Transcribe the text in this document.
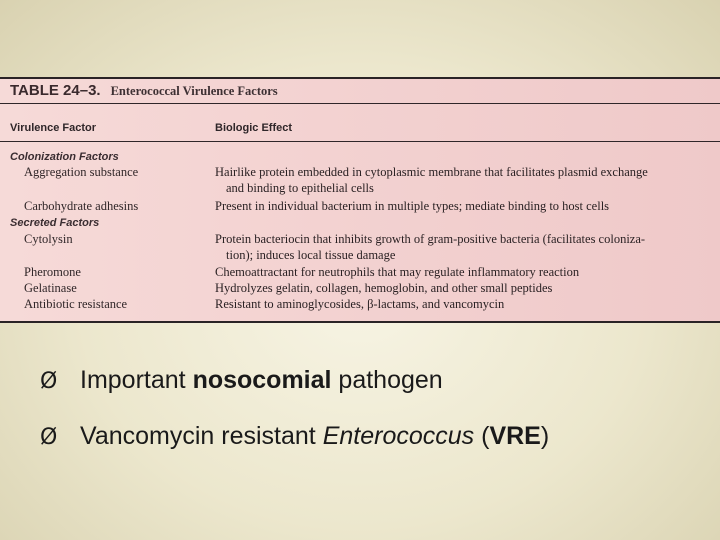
TABLE 24–3. Enterococcal Virulence Factors
Virulence Factor	Biologic Effect
Colonization Factors
Aggregation substance	Hairlike protein embedded in cytoplasmic membrane that facilitates plasmid exchange
and binding to epithelial cells
Carbohydrate adhesins	Present in individual bacterium in multiple types; mediate binding to host cells
Secreted Factors
Cytolysin	Protein bacteriocin that inhibits growth of gram-positive bacteria (facilitates coloniza-
tion); induces local tissue damage
Pheromone	Chemoattractant for neutrophils that may regulate inflammatory reaction
Gelatinase	Hydrolyzes gelatin, collagen, hemoglobin, and other small peptides
Antibiotic resistance	Resistant to aminoglycosides, β-lactams, and vancomycin
Ø Important nosocomial pathogen
Ø Vancomycin resistant Enterococcus (VRE)
